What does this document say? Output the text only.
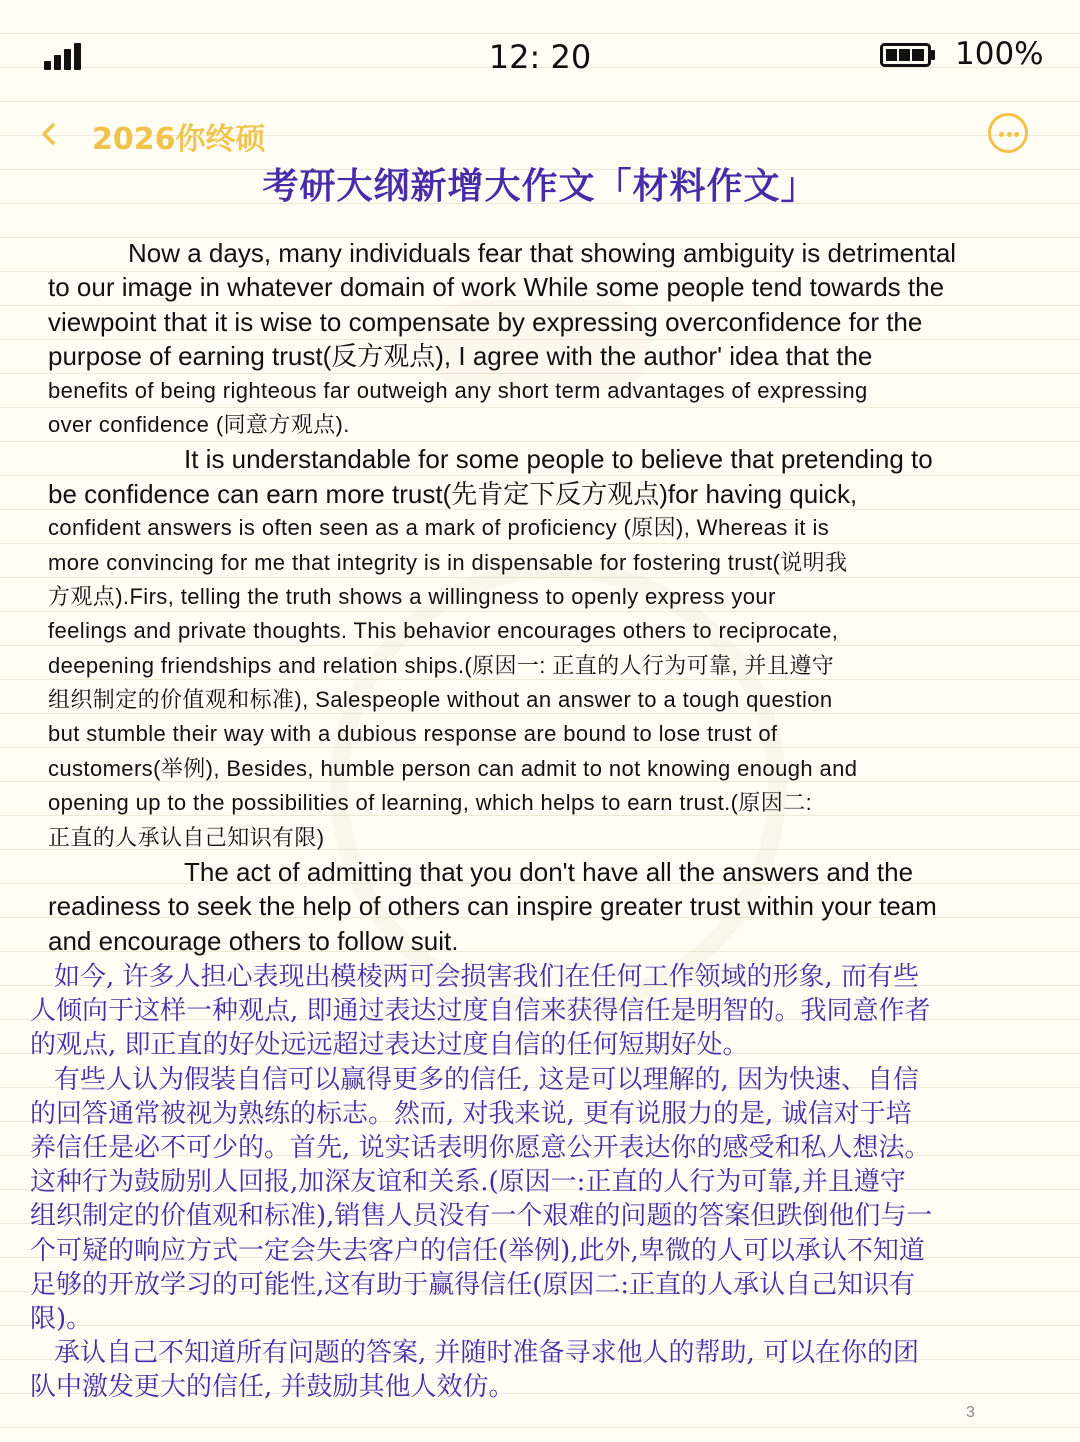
12: 20	100%
2026你终硕
考研大纲新增大作文「材料作文」
Now a days, many individuals fear that showing ambiguity is detrimental
to our image in whatever domain of work While some people tend towards the
viewpoint that it is wise to compensate by expressing overconfidence for the
purpose of earning trust(反方观点), I agree with the author' idea that the
benefits of being righteous far outweigh any short term advantages of expressing
over confidence (同意方观点).
It is understandable for some people to believe that pretending to
be confidence can earn more trust(先肯定下反方观点)for having quick,
confident answers is often seen as a mark of proficiency (原因), Whereas it is
more convincing for me that integrity is in dispensable for fostering trust(说明我
方观点).Firs, telling the truth shows a willingness to openly express your
feelings and private thoughts. This behavior encourages others to reciprocate,
deepening friendships and relation ships.(原因一: 正直的人行为可靠, 并且遵守
组织制定的价值观和标准), Salespeople without an answer to a tough question
but stumble their way with a dubious response are bound to lose trust of
customers(举例), Besides, humble person can admit to not knowing enough and
opening up to the possibilities of learning, which helps to earn trust.(原因二:
正直的人承认自己知识有限)
The act of admitting that you don't have all the answers and the
readiness to seek the help of others can inspire greater trust within your team
and encourage others to follow suit.
如今, 许多人担心表现出模棱两可会损害我们在任何工作领域的形象, 而有些
人倾向于这样一种观点, 即通过表达过度自信来获得信任是明智的。我同意作者
的观点, 即正直的好处远远超过表达过度自信的任何短期好处。
有些人认为假装自信可以赢得更多的信任, 这是可以理解的, 因为快速、自信
的回答通常被视为熟练的标志。然而, 对我来说, 更有说服力的是, 诚信对于培
养信任是必不可少的。首先, 说实话表明你愿意公开表达你的感受和私人想法。
这种行为鼓励别人回报,加深友谊和关系.(原因一:正直的人行为可靠,并且遵守
组织制定的价值观和标准),销售人员没有一个艰难的问题的答案但跌倒他们与一
个可疑的响应方式一定会失去客户的信任(举例),此外,卑微的人可以承认不知道
足够的开放学习的可能性,这有助于赢得信任(原因二:正直的人承认自己知识有
限)。
承认自己不知道所有问题的答案, 并随时准备寻求他人的帮助, 可以在你的团
队中激发更大的信任, 并鼓励其他人效仿。
3
